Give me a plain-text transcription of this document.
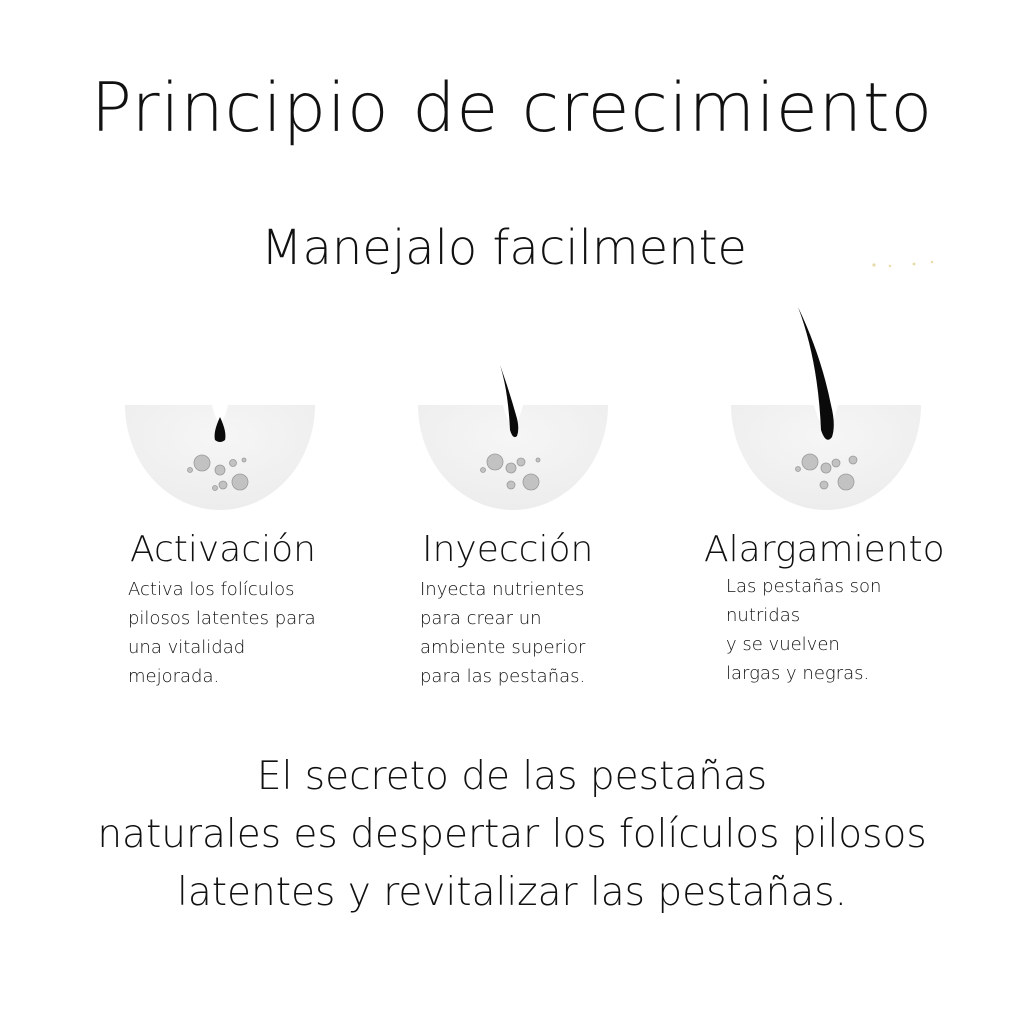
Principio de crecimiento
Manejalo facilmente
Activación
Activa los folículos
pilosos latentes para
una vitalidad
mejorada.
Inyección
Inyecta nutrientes
para crear un
ambiente superior
para las pestañas.
Alargamiento
Las pestañas son
nutridas
y se vuelven
largas y negras.
El secreto de las pestañas
naturales es despertar los folículos pilosos
latentes y revitalizar las pestañas.
